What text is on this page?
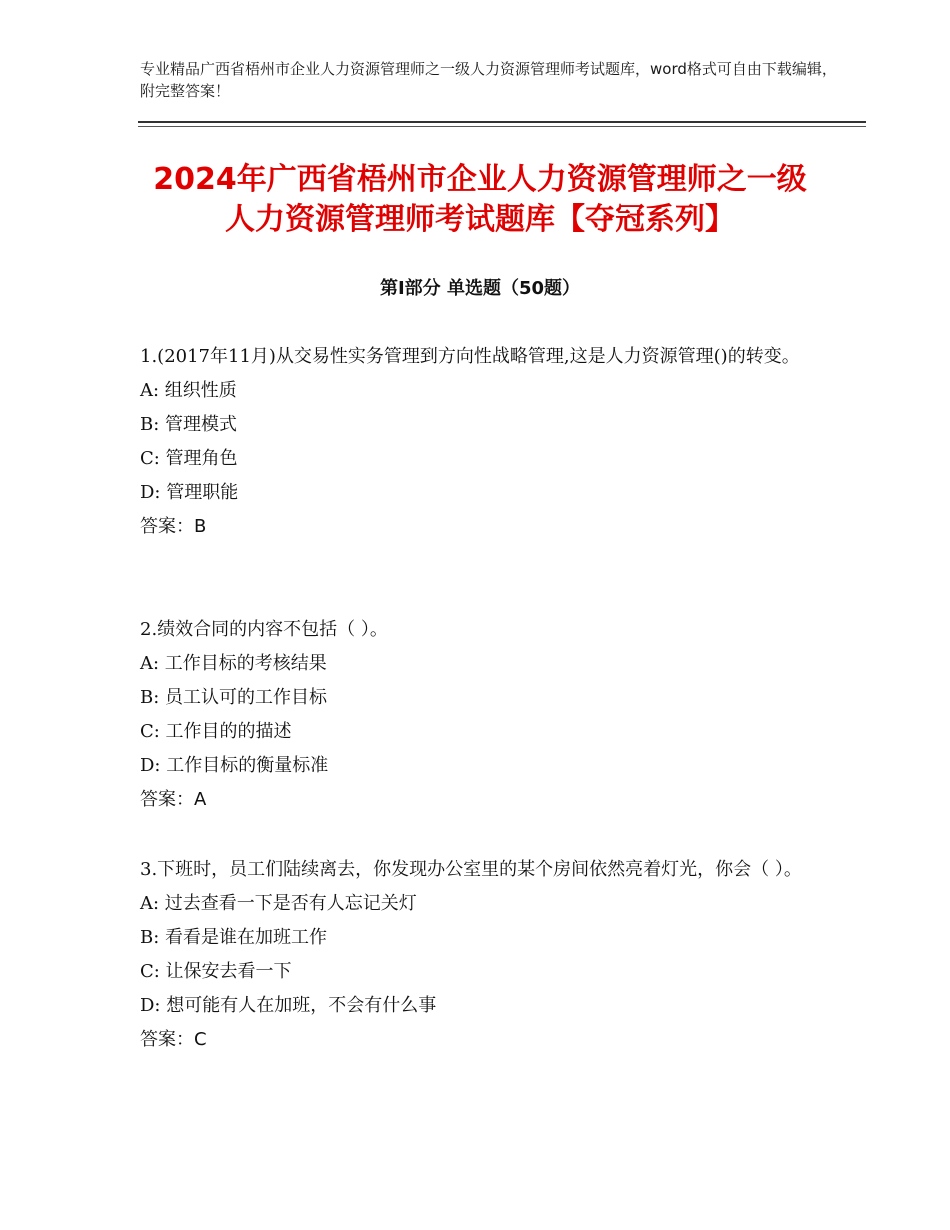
专业精品广西省梧州市企业人力资源管理师之一级人力资源管理师考试题库，word格式可自由下载编辑，附完整答案！
2024年广西省梧州市企业人力资源管理师之一级人力资源管理师考试题库【夺冠系列】
第Ⅰ部分 单选题（50题）
1.(2017年11月)从交易性实务管理到方向性战略管理,这是人力资源管理()的转变。
A: 组织性质
B: 管理模式
C: 管理角色
D: 管理职能
答案：B
2.绩效合同的内容不包括（ ）。
A: 工作目标的考核结果
B: 员工认可的工作目标
C: 工作目的的描述
D: 工作目标的衡量标准
答案：A
3.下班时，员工们陆续离去，你发现办公室里的某个房间依然亮着灯光，你会（ ）。
A: 过去查看一下是否有人忘记关灯
B: 看看是谁在加班工作
C: 让保安去看一下
D: 想可能有人在加班，不会有什么事
答案：C
